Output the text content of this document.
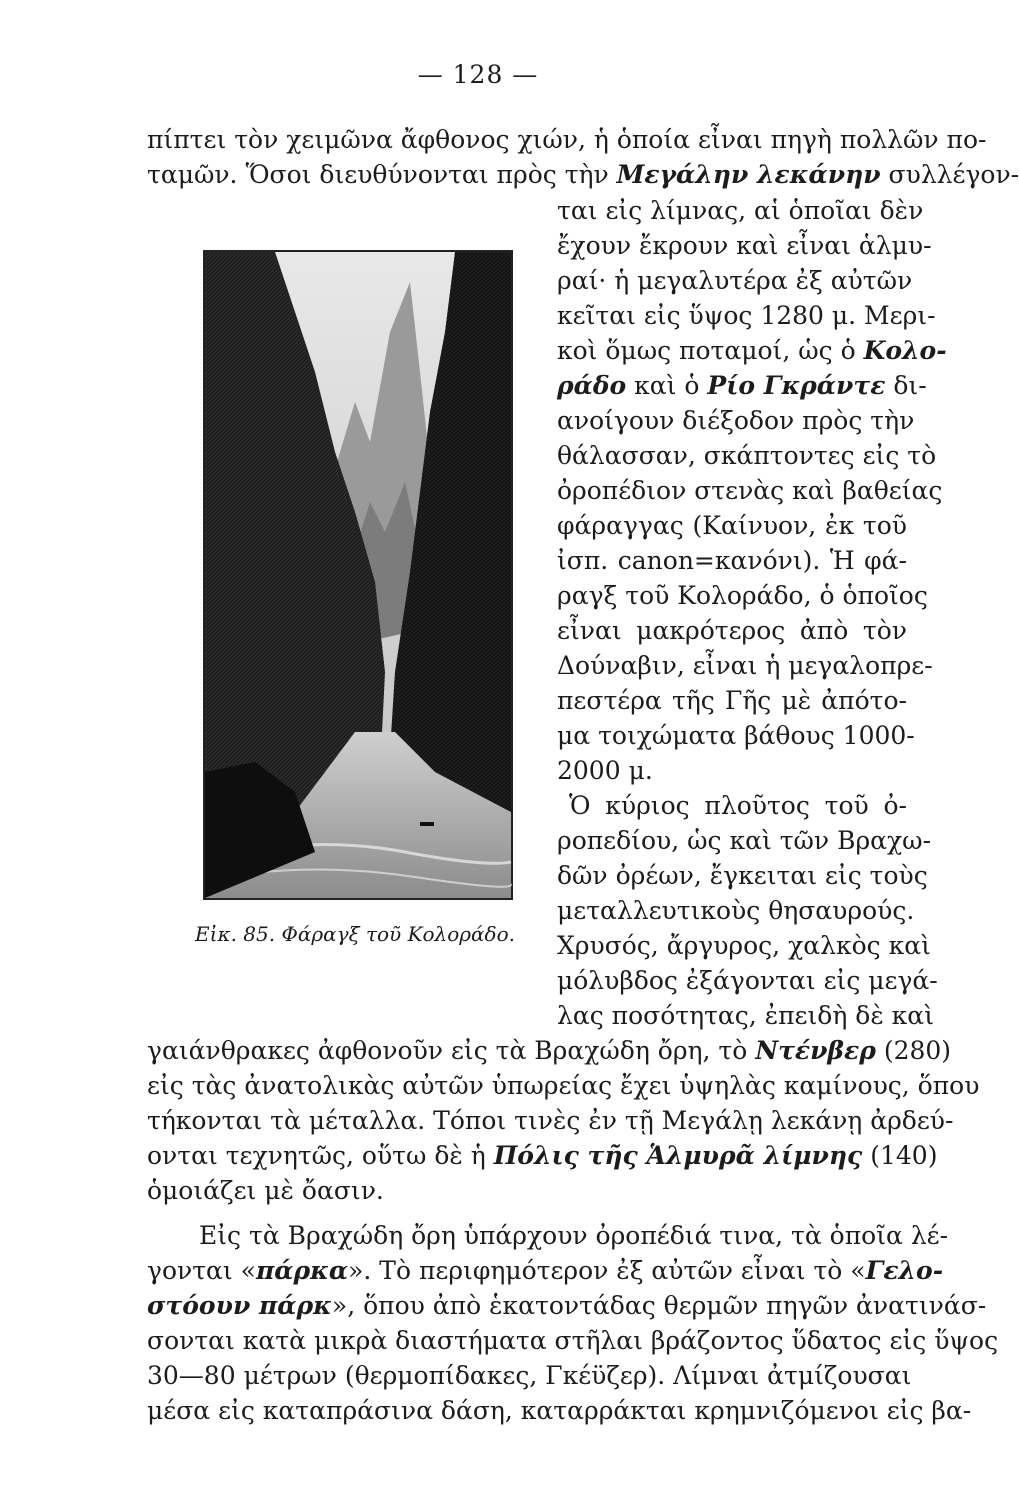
— 128 —
πίπτει τὸν χειμῶνα ἄφθονος χιών, ἡ ὁποία εἶναι πηγὴ πολλῶν πο-
ταμῶν. Ὅσοι διευθύνονται πρὸς τὴν Μεγάλην λεκάνην συλλέγον-
ται εἰς λίμνας, αἱ ὁποῖαι δὲν
ἔχουν ἔκρουν καὶ εἶναι ἁλμυ-
ραί· ἡ μεγαλυτέρα ἐξ αὐτῶν
κεῖται εἰς ὕψος 1280 μ. Μερι-
κοὶ ὅμως ποταμοί, ὡς ὁ Κολο-
ράδο καὶ ὁ Ρίο Γκράντε δι-
ανοίγουν διέξοδον πρὸς τὴν
θάλασσαν, σκάπτοντες εἰς τὸ
ὀροπέδιον στενὰς καὶ βαθείας
φάραγγας (Καίνυον, ἐκ τοῦ
ἰσπ. canon=κανόνι). Ἡ φά-
ραγξ τοῦ Κολοράδο, ὁ ὁποῖος
εἶναι μακρότερος ἀπὸ τὸν
Δούναβιν, εἶναι ἡ μεγαλοπρε-
πεστέρα τῆς Γῆς μὲ ἀπότο-
μα τοιχώματα βάθους 1000-
2000 μ.
Ὁ κύριος πλοῦτος τοῦ ὀ-
ροπεδίου, ὡς καὶ τῶν Βραχω-
δῶν ὀρέων, ἔγκειται εἰς τοὺς
μεταλλευτικοὺς θησαυρούς.
Χρυσός, ἄργυρος, χαλκὸς καὶ
μόλυβδος ἐξάγονται εἰς μεγά-
λας ποσότητας, ἐπειδὴ δὲ καὶ
Εἰκ. 85. Φάραγξ τοῦ Κολοράδο.
γαιάνθρακες ἀφθονοῦν εἰς τὰ Βραχώδη ὄρη, τὸ Ντένβερ (280)
εἰς τὰς ἀνατολικὰς αὐτῶν ὑπωρείας ἔχει ὑψηλὰς καμίνους, ὅπου
τήκονται τὰ μέταλλα. Τόποι τινὲς ἐν τῇ Μεγάλῃ λεκάνῃ ἀρδεύ-
ονται τεχνητῶς, οὕτω δὲ ἡ Πόλις τῆς Ἁλμυρᾶ λίμνης (140)
ὁμοιάζει μὲ ὄασιν.
Εἰς τὰ Βραχώδη ὄρη ὑπάρχουν ὀροπέδιά τινα, τὰ ὁποῖα λέ-
γονται «πάρκα». Τὸ περιφημότερον ἐξ αὐτῶν εἶναι τὸ «Γελο-
στόουν πάρκ», ὅπου ἀπὸ ἑκατοντάδας θερμῶν πηγῶν ἀνατινάσ-
σονται κατὰ μικρὰ διαστήματα στῆλαι βράζοντος ὕδατος εἰς ὕψος
30—80 μέτρων (θερμοπίδακες, Γκέϋζερ). Λίμναι ἀτμίζουσαι
μέσα εἰς καταπράσινα δάση, καταρράκται κρημνιζόμενοι εἰς βα-
